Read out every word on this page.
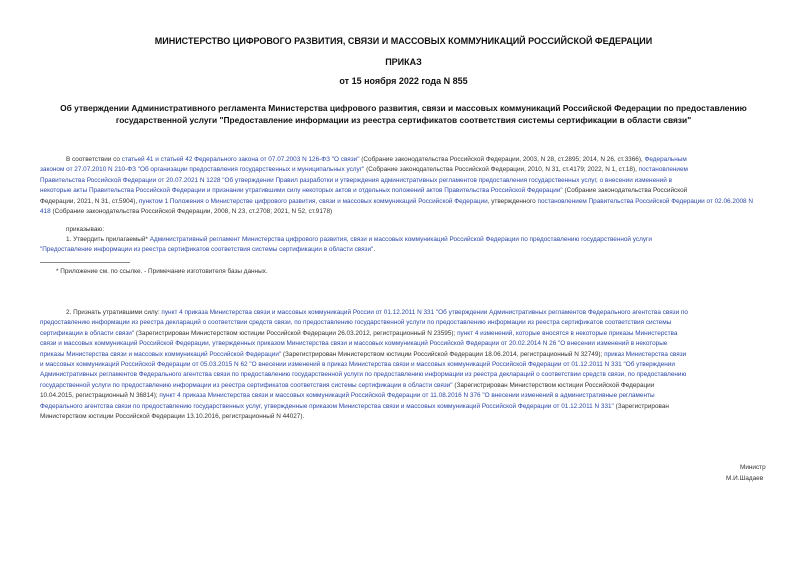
МИНИСТЕРСТВО ЦИФРОВОГО РАЗВИТИЯ, СВЯЗИ И МАССОВЫХ КОММУНИКАЦИЙ РОССИЙСКОЙ ФЕДЕРАЦИИ
ПРИКАЗ
от 15 ноября 2022 года N 855
Об утверждении Административного регламента Министерства цифрового развития, связи и массовых коммуникаций Российской Федерации по предоставлению
государственной услуги "Предоставление информации из реестра сертификатов соответствия системы сертификации в области связи"
В соответствии со статьей 41 и статьей 42 Федерального закона от 07.07.2003 N 126-ФЗ "О связи" (Собрание законодательства Российской Федерации, 2003, N 28, ст.2895; 2014, N 26, ст.3366), Федеральным
законом от 27.07.2010 N 210-ФЗ "Об организации предоставления государственных и муниципальных услуг" (Собрание законодательства Российской Федерации, 2010, N 31, ст.4179; 2022, N 1, ст.18), постановлением
Правительства Российской Федерации от 20.07.2021 N 1228 "Об утверждении Правил разработки и утверждения административных регламентов предоставления государственных услуг, о внесении изменений в
некоторые акты Правительства Российской Федерации и признании утратившими силу некоторых актов и отдельных положений актов Правительства Российской Федерации" (Собрание законодательства Российской
Федерации, 2021, N 31, ст.5904), пунктом 1 Положения о Министерстве цифрового развития, связи и массовых коммуникаций Российской Федерации, утвержденного постановлением Правительства Российской Федерации от 02.06.2008 N
418 (Собрание законодательства Российской Федерации, 2008, N 23, ст.2708; 2021, N 52, ст.9178)
приказываю:
1. Утвердить прилагаемый* Административный регламент Министерства цифрового развития, связи и массовых коммуникаций Российской Федерации по предоставлению государственной услуги
"Предоставление информации из реестра сертификатов соответствия системы сертификации в области связи".
* Приложение см. по ссылке. - Примечание изготовителя базы данных.
2. Признать утратившими силу: пункт 4 приказа Министерства связи и массовых коммуникаций России от 01.12.2011 N 331 "Об утверждении Административных регламентов Федерального агентства связи по
предоставлению информации из реестра деклараций о соответствии средств связи, по предоставлению государственной услуги по предоставлению информации из реестра сертификатов соответствия системы
сертификации в области связи" (Зарегистрирован Министерством юстиции Российской Федерации 26.03.2012, регистрационный N 23595); пункт 4 изменений, которые вносятся в некоторые приказы Министерства
связи и массовых коммуникаций Российской Федерации, утвержденных приказом Министерства связи и массовых коммуникаций Российской Федерации от 20.02.2014 N 26 "О внесении изменений в некоторые
приказы Министерства связи и массовых коммуникаций Российской Федерации" (Зарегистрирован Министерством юстиции Российской Федерации 18.06.2014, регистрационный N 32749); приказ Министерства связи
и массовых коммуникаций Российской Федерации от 05.03.2015 N 62 "О внесении изменений в приказ Министерства связи и массовых коммуникаций Российской Федерации от 01.12.2011 N 331 "Об утверждении
Административных регламентов Федерального агентства связи по предоставлению государственной услуги по предоставлению информации из реестра деклараций о соответствии средств связи, по предоставлению
государственной услуги по предоставлению информации из реестра сертификатов соответствия системы сертификации в области связи" (Зарегистрирован Министерством юстиции Российской Федерации
10.04.2015, регистрационный N 36814); пункт 4 приказа Министерства связи и массовых коммуникаций Российской Федерации от 11.08.2016 N 376 "О внесении изменений в административные регламенты
Федерального агентства связи по предоставлению государственных услуг, утвержденные приказом Министерства связи и массовых коммуникаций Российской Федерации от 01.12.2011 N 331" (Зарегистрирован
Министерством юстиции Российской Федерации 13.10.2016, регистрационный N 44027).
Министр
М.И.Шадаев
